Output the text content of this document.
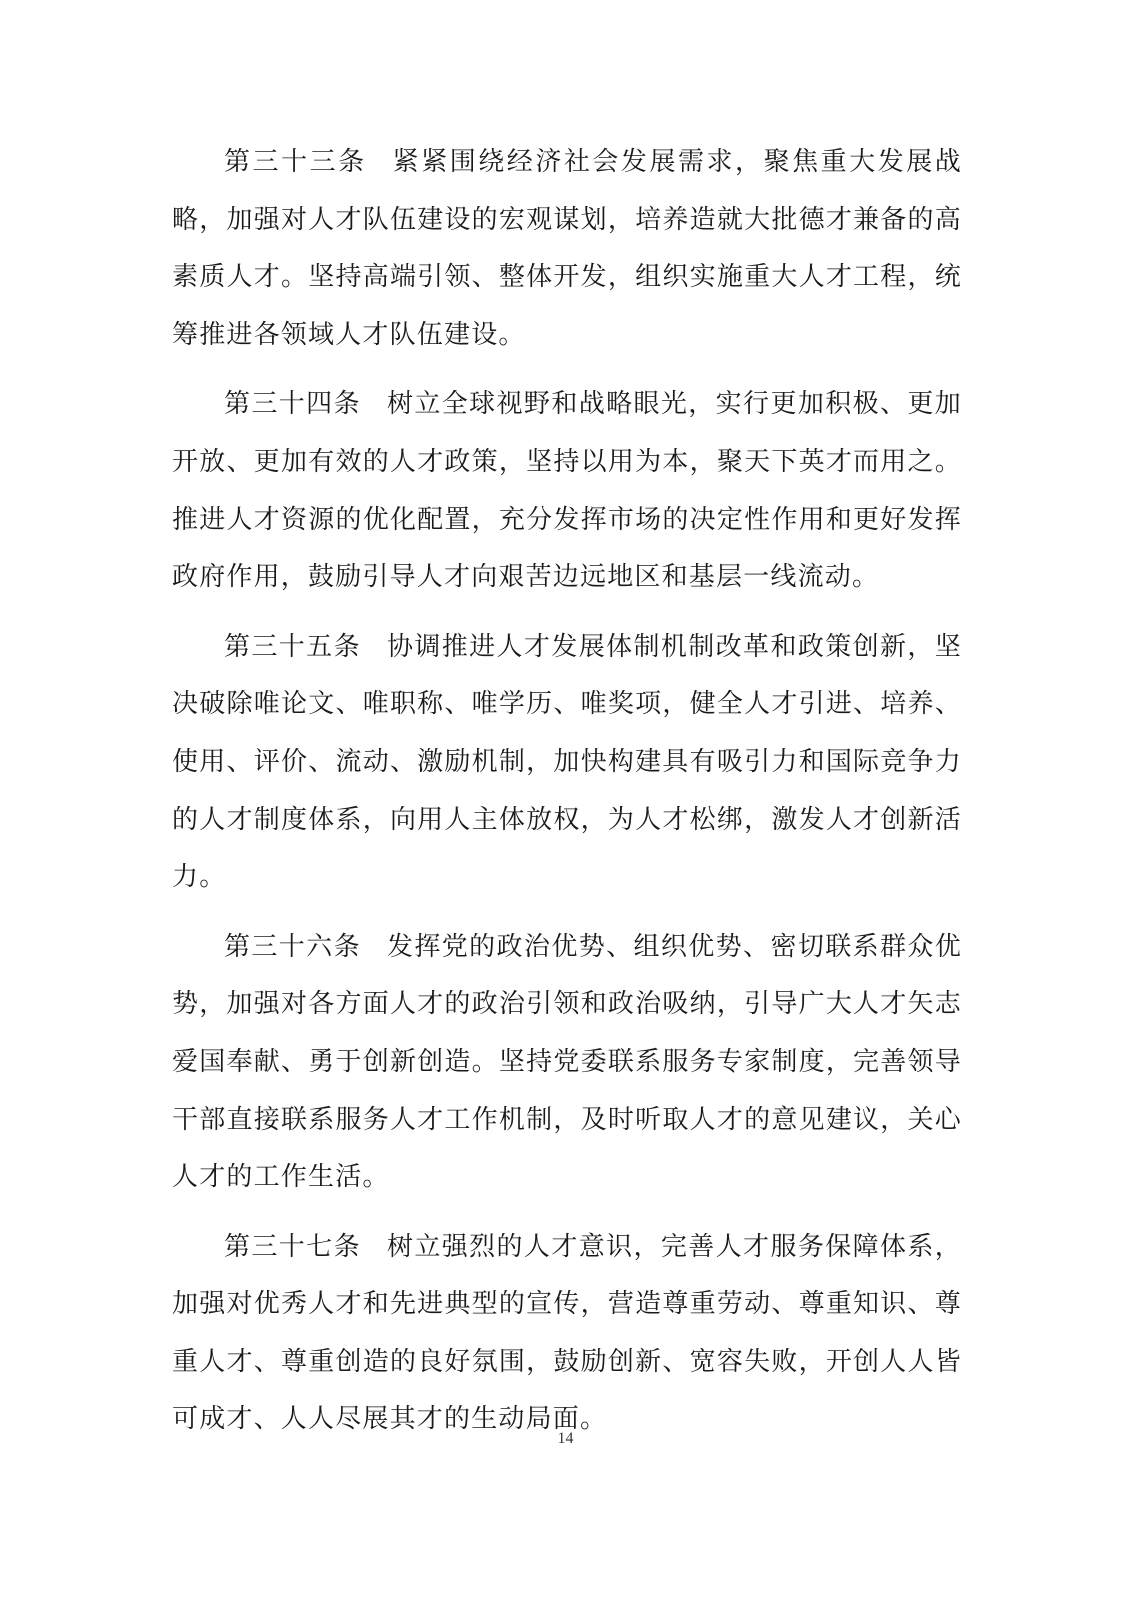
第三十三条 紧紧围绕经济社会发展需求，聚焦重大发展战略，加强对人才队伍建设的宏观谋划，培养造就大批德才兼备的高素质人才。坚持高端引领、整体开发，组织实施重大人才工程，统筹推进各领域人才队伍建设。

第三十四条 树立全球视野和战略眼光，实行更加积极、更加开放、更加有效的人才政策，坚持以用为本，聚天下英才而用之。推进人才资源的优化配置，充分发挥市场的决定性作用和更好发挥政府作用，鼓励引导人才向艰苦边远地区和基层一线流动。

第三十五条 协调推进人才发展体制机制改革和政策创新，坚决破除唯论文、唯职称、唯学历、唯奖项，健全人才引进、培养、使用、评价、流动、激励机制，加快构建具有吸引力和国际竞争力的人才制度体系，向用人主体放权，为人才松绑，激发人才创新活力。

第三十六条 发挥党的政治优势、组织优势、密切联系群众优势，加强对各方面人才的政治引领和政治吸纳，引导广大人才矢志爱国奉献、勇于创新创造。坚持党委联系服务专家制度，完善领导干部直接联系服务人才工作机制，及时听取人才的意见建议，关心人才的工作生活。

第三十七条 树立强烈的人才意识，完善人才服务保障体系，加强对优秀人才和先进典型的宣传，营造尊重劳动、尊重知识、尊重人才、尊重创造的良好氛围，鼓励创新、宽容失败，开创人人皆可成才、人人尽展其才的生动局面。

14
